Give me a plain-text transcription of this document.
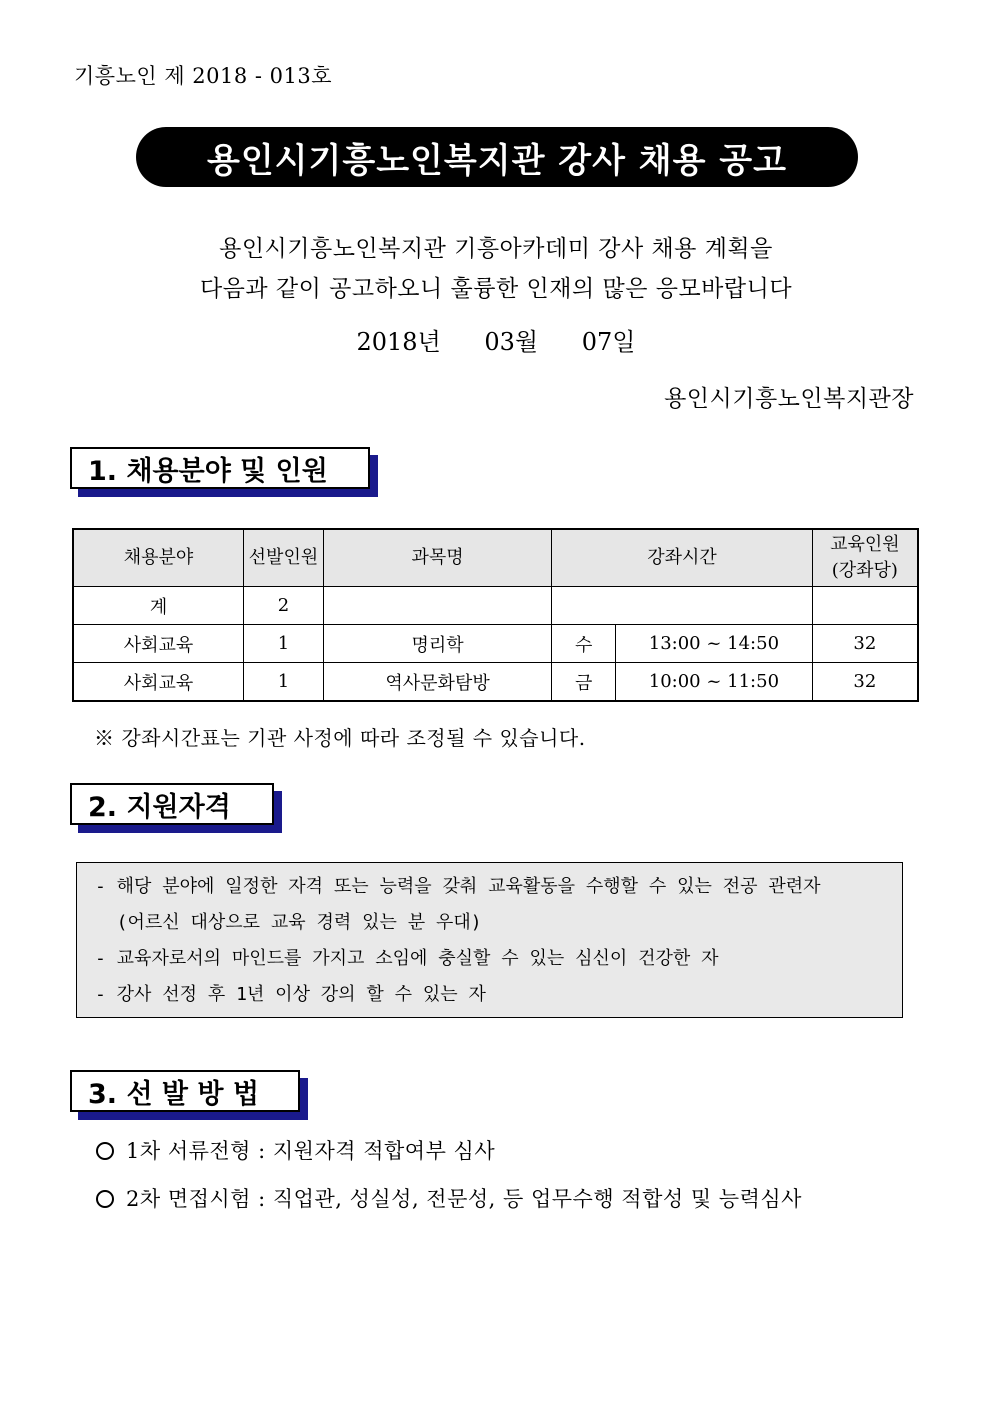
기흥노인 제 2018 - 013호
용인시기흥노인복지관 강사 채용 공고
용인시기흥노인복지관 기흥아카데미 강사 채용 계획을
다음과 같이 공고하오니 훌륭한 인재의 많은 응모바랍니다
2018년 03월 07일
용인시기흥노인복지관장
1. 채용분야 및 인원
채용분야	선발인원	과목명	강좌시간		교육인원
(강좌당)

계	2				
사회교육	1	명리학	수	13:00 ~ 14:50	32
사회교육	1	역사문화탐방	금	10:00 ~ 11:50	32
※ 강좌시간표는 기관 사정에 따라 조정될 수 있습니다.
2. 지원자격
- 해당 분야에 일정한 자격 또는 능력을 갖춰 교육활동을 수행할 수 있는 전공 관련자
(어르신 대상으로 교육 경력 있는 분 우대)
- 교육자로서의 마인드를 가지고 소임에 충실할 수 있는 심신이 건강한 자
- 강사 선정 후 1년 이상 강의 할 수 있는 자
3. 선 발 방 법
1차 서류전형 : 지원자격 적합여부 심사
2차 면접시험 : 직업관, 성실성, 전문성, 등 업무수행 적합성 및 능력심사
